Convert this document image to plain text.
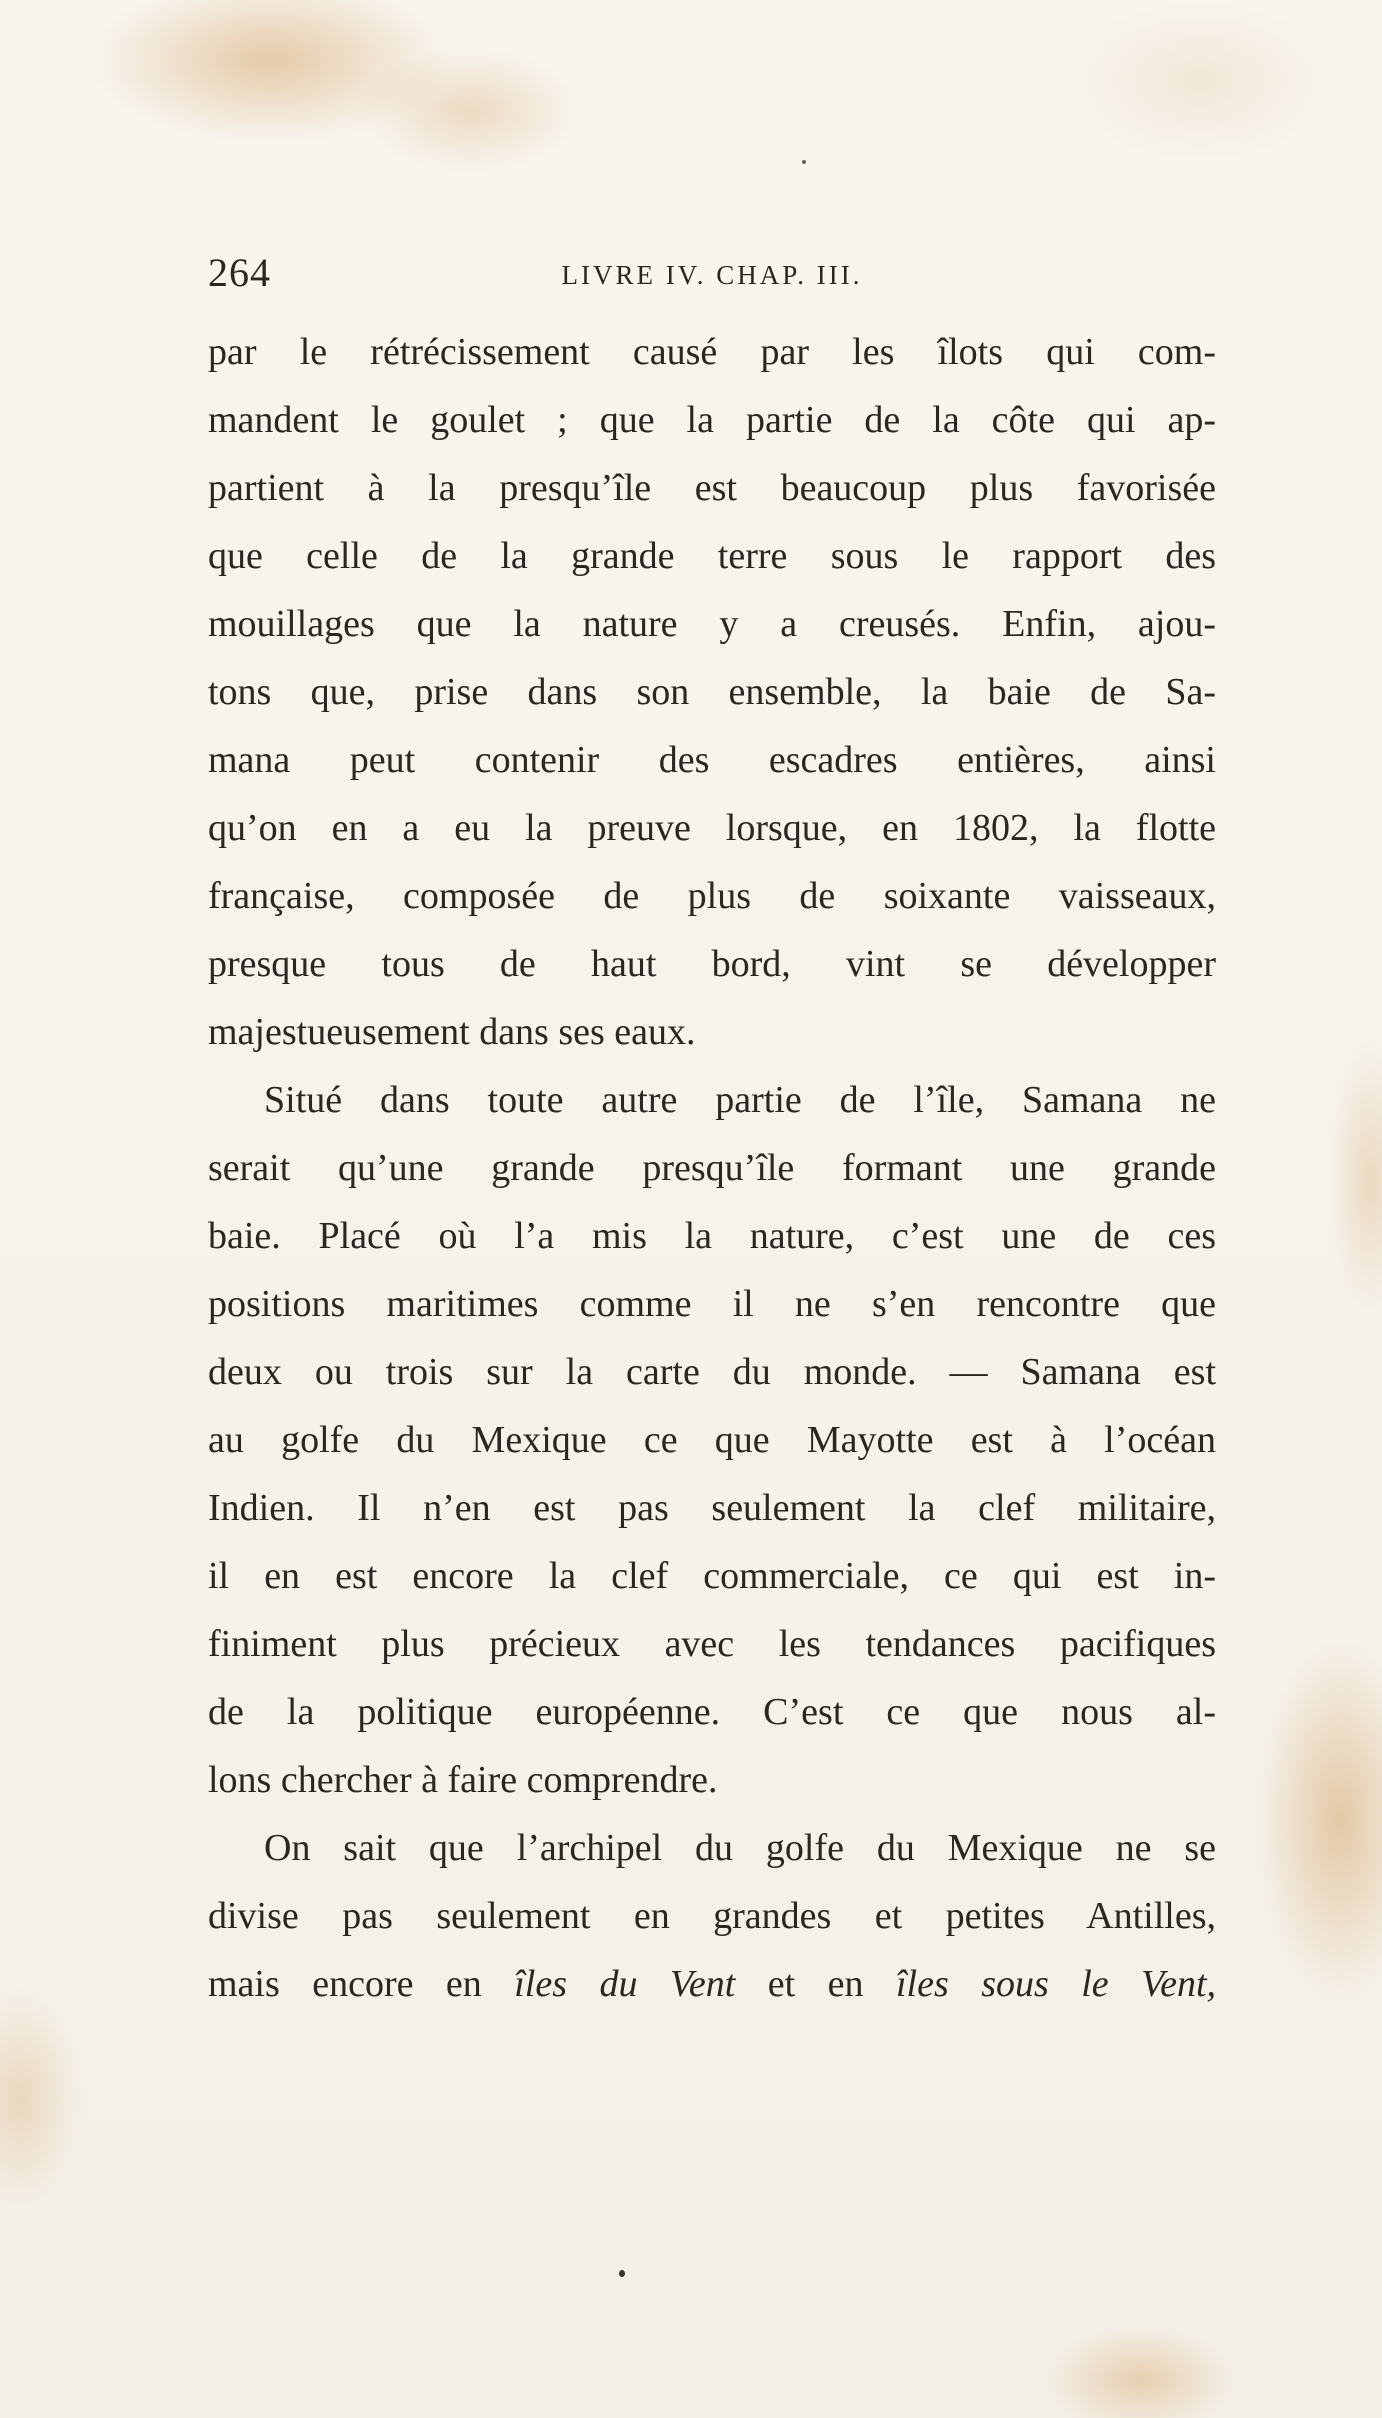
264	LIVRE IV. CHAP. III.
par le rétrécissement causé par les îlots qui com-
mandent le goulet ; que la partie de la côte qui ap-
partient à la presqu’île est beaucoup plus favorisée
que celle de la grande terre sous le rapport des
mouillages que la nature y a creusés. Enfin, ajou-
tons que, prise dans son ensemble, la baie de Sa-
mana peut contenir des escadres entières, ainsi
qu’on en a eu la preuve lorsque, en 1802, la flotte
française, composée de plus de soixante vaisseaux,
presque tous de haut bord, vint se développer
majestueusement dans ses eaux.
Situé dans toute autre partie de l’île, Samana ne
serait qu’une grande presqu’île formant une grande
baie. Placé où l’a mis la nature, c’est une de ces
positions maritimes comme il ne s’en rencontre que
deux ou trois sur la carte du monde. — Samana est
au golfe du Mexique ce que Mayotte est à l’océan
Indien. Il n’en est pas seulement la clef militaire,
il en est encore la clef commerciale, ce qui est in-
finiment plus précieux avec les tendances pacifiques
de la politique européenne. C’est ce que nous al-
lons chercher à faire comprendre.
On sait que l’archipel du golfe du Mexique ne se
divise pas seulement en grandes et petites Antilles,
mais encore en îles du Vent et en îles sous le Vent,
